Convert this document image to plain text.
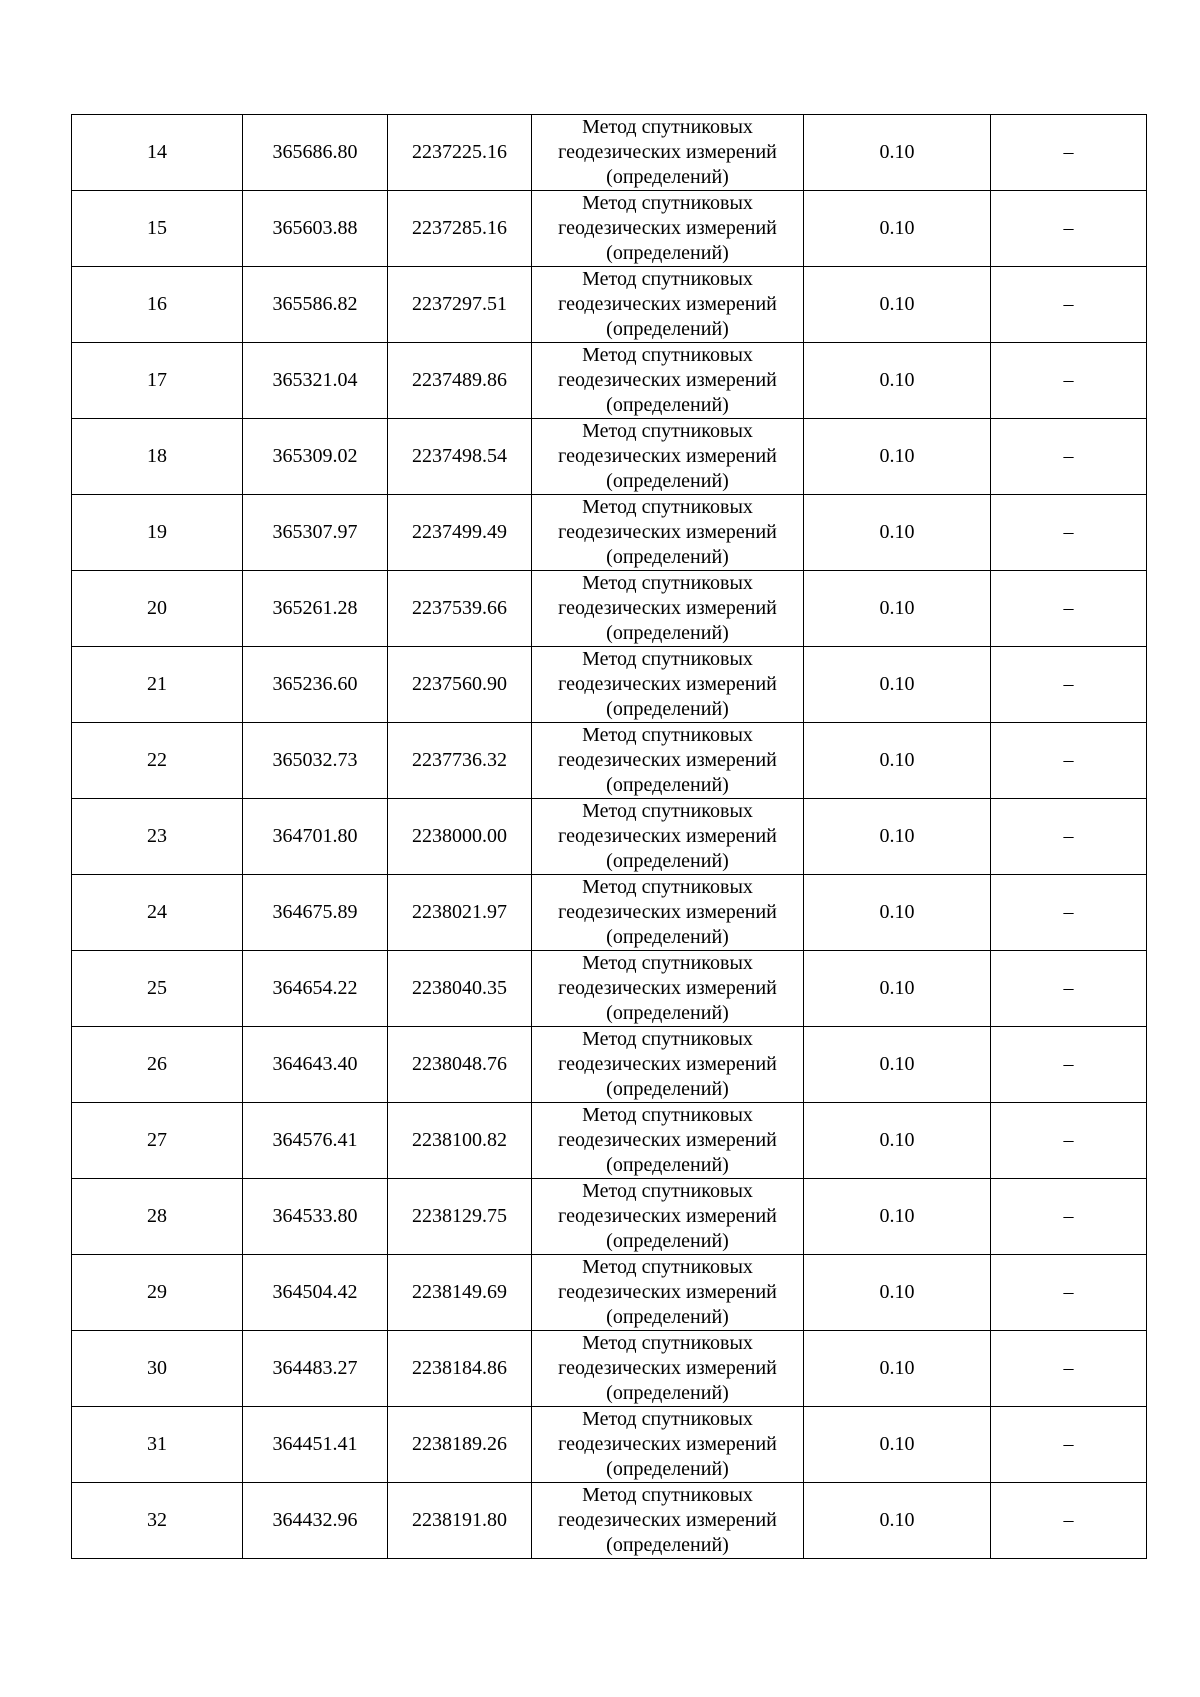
14	365686.80	2237225.16	Метод спутниковых
геодезических измерений
(определений)	0.10	–
15	365603.88	2237285.16	Метод спутниковых
геодезических измерений
(определений)	0.10	–
16	365586.82	2237297.51	Метод спутниковых
геодезических измерений
(определений)	0.10	–
17	365321.04	2237489.86	Метод спутниковых
геодезических измерений
(определений)	0.10	–
18	365309.02	2237498.54	Метод спутниковых
геодезических измерений
(определений)	0.10	–
19	365307.97	2237499.49	Метод спутниковых
геодезических измерений
(определений)	0.10	–
20	365261.28	2237539.66	Метод спутниковых
геодезических измерений
(определений)	0.10	–
21	365236.60	2237560.90	Метод спутниковых
геодезических измерений
(определений)	0.10	–
22	365032.73	2237736.32	Метод спутниковых
геодезических измерений
(определений)	0.10	–
23	364701.80	2238000.00	Метод спутниковых
геодезических измерений
(определений)	0.10	–
24	364675.89	2238021.97	Метод спутниковых
геодезических измерений
(определений)	0.10	–
25	364654.22	2238040.35	Метод спутниковых
геодезических измерений
(определений)	0.10	–
26	364643.40	2238048.76	Метод спутниковых
геодезических измерений
(определений)	0.10	–
27	364576.41	2238100.82	Метод спутниковых
геодезических измерений
(определений)	0.10	–
28	364533.80	2238129.75	Метод спутниковых
геодезических измерений
(определений)	0.10	–
29	364504.42	2238149.69	Метод спутниковых
геодезических измерений
(определений)	0.10	–
30	364483.27	2238184.86	Метод спутниковых
геодезических измерений
(определений)	0.10	–
31	364451.41	2238189.26	Метод спутниковых
геодезических измерений
(определений)	0.10	–
32	364432.96	2238191.80	Метод спутниковых
геодезических измерений
(определений)	0.10	–
